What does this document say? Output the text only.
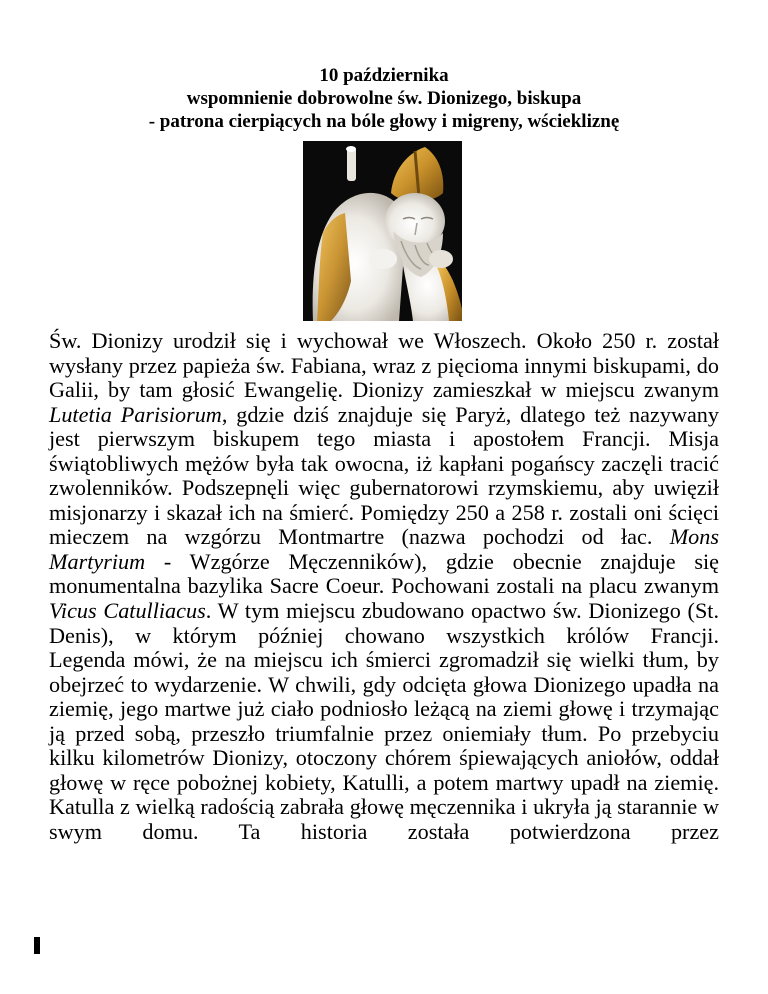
10 października
wspomnienie dobrowolne św. Dionizego, biskupa
- patrona cierpiących na bóle głowy i migreny, wściekliznę

Św. Dionizy urodził się i wychował we Włoszech. Około 250 r. został wysłany przez papieża św. Fabiana, wraz z pięcioma innymi biskupami, do Galii, by tam głosić Ewangelię. Dionizy zamieszkał w miejscu zwanym Lutetia Parisiorum, gdzie dziś znajduje się Paryż, dlatego też nazywany jest pierwszym biskupem tego miasta i apostołem Francji. Misja świątobliwych mężów była tak owocna, iż kapłani pogańscy zaczęli tracić zwolenników. Podszepnęli więc gubernatorowi rzymskiemu, aby uwięził misjonarzy i skazał ich na śmierć. Pomiędzy 250 a 258 r. zostali oni ścięci mieczem na wzgórzu Montmartre (nazwa pochodzi od łac. Mons Martyrium - Wzgórze Męczenników), gdzie obecnie znajduje się monumentalna bazylika Sacre Coeur. Pochowani zostali na placu zwanym Vicus Catulliacus. W tym miejscu zbudowano opactwo św. Dionizego (St. Denis), w którym później chowano wszystkich królów Francji.

Legenda mówi, że na miejscu ich śmierci zgromadził się wielki tłum, by obejrzeć to wydarzenie. W chwili, gdy odcięta głowa Dionizego upadła na ziemię, jego martwe już ciało podniosło leżącą na ziemi głowę i trzymając ją przed sobą, przeszło triumfalnie przez oniemiały tłum. Po przebyciu kilku kilometrów Dionizy, otoczony chórem śpiewających aniołów, oddał głowę w ręce pobożnej kobiety, Katulli, a potem martwy upadł na ziemię. Katulla z wielką radością zabrała głowę męczennika i ukryła ją starannie w swym domu. Ta historia została potwierdzona przez
